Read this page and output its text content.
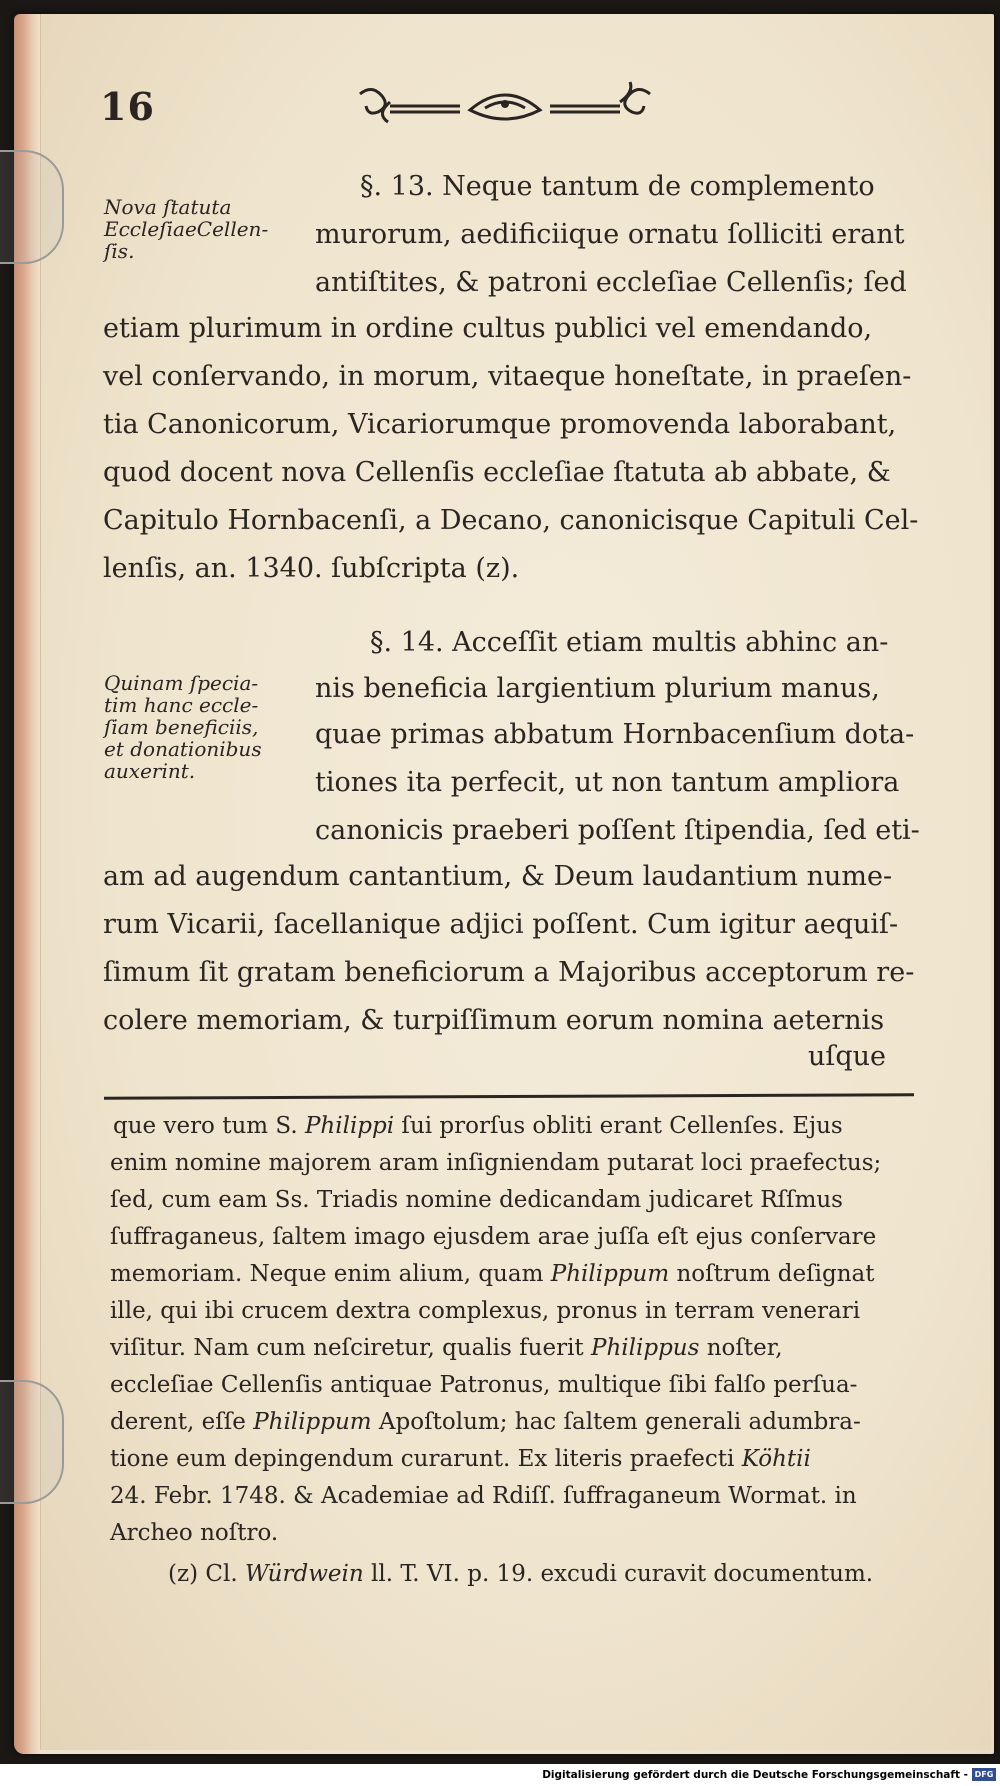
16
Nova ſtatuta
EccleſiaeCellen-
ſis.
§. 13. Neque tantum de complemento
murorum, aedificiique ornatu ſolliciti erant
antiſtites, & patroni eccleſiae Cellenſis; ſed
etiam plurimum in ordine cultus publici vel emendando,
vel conſervando, in morum, vitaeque honeſtate, in praeſen-
tia Canonicorum, Vicariorumque promovenda laborabant,
quod docent nova Cellenſis eccleſiae ſtatuta ab abbate, &
Capitulo Hornbacenſi, a Decano, canonicisque Capituli Cel-
lenſis, an. 1340. ſubſcripta (z).
Quinam ſpecia-
tim hanc eccle-
ſiam beneficiis,
et donationibus
auxerint.
§. 14. Acceſſit etiam multis abhinc an-
nis beneficia largientium plurium manus,
quae primas abbatum Hornbacenſium dota-
tiones ita perfecit, ut non tantum ampliora
canonicis praeberi poſſent ſtipendia, ſed eti-
am ad augendum cantantium, & Deum laudantium nume-
rum Vicarii, ſacellanique adjici poſſent. Cum igitur aequiſ-
ſimum ſit gratam beneficiorum a Majoribus acceptorum re-
colere memoriam, & turpiſſimum eorum nomina aeternis
uſque
que vero tum S. Philippi ſui prorſus obliti erant Cellenſes. Ejus
enim nomine majorem aram inſigniendam putarat loci praefectus;
ſed, cum eam Ss. Triadis nomine dedicandam judicaret Rſſmus
ſuffraganeus, ſaltem imago ejusdem arae juſſa eſt ejus conſervare
memoriam. Neque enim alium, quam Philippum noſtrum deſignat
ille, qui ibi crucem dextra complexus, pronus in terram venerari
viſitur. Nam cum neſciretur, qualis fuerit Philippus noſter,
eccleſiae Cellenſis antiquae Patronus, multique ſibi falſo perſua-
derent, eſſe Philippum Apoſtolum; hac ſaltem generali adumbra-
tione eum depingendum curarunt. Ex literis praefecti Köhtii
24. Febr. 1748. & Academiae ad Rdiſſ. ſuffraganeum Wormat. in
Archeo noſtro.
(z) Cl. Würdwein ll. T. VI. p. 19. excudi curavit documentum.
Digitalisierung gefördert durch die Deutsche Forschungsgemeinschaft - DFG
